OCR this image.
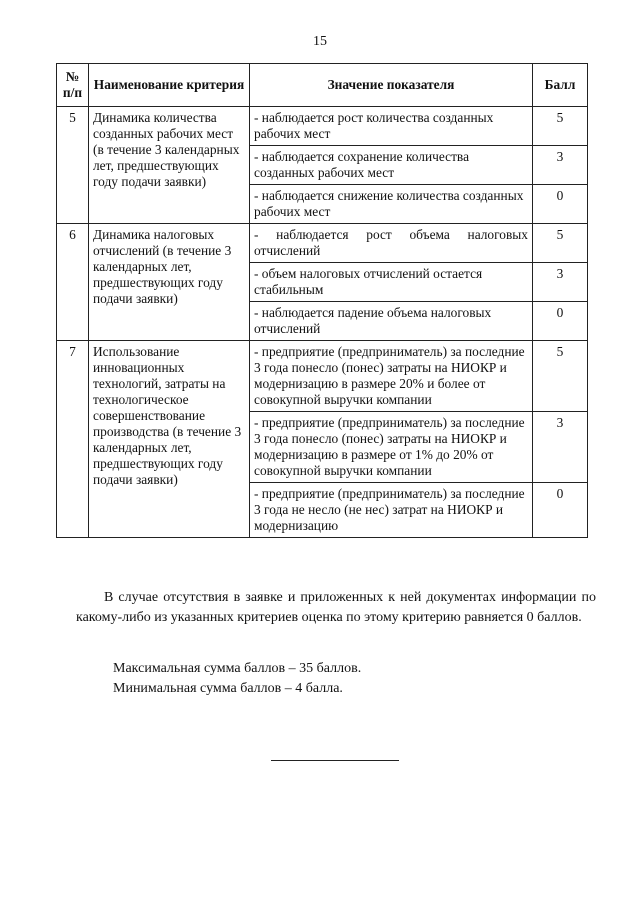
15
№ п/п	Наименование критерия	Значение показателя	Балл
5	Динамика количества созданных рабочих мест (в течение 3 календарных лет, предшествующих году подачи заявки)	- наблюдается рост количества созданных рабочих мест	5
		- наблюдается сохранение количества созданных рабочих мест	3
		- наблюдается снижение количества созданных рабочих мест	0
6	Динамика налоговых отчислений (в течение 3 календарных лет, предшествующих году подачи заявки)	- наблюдается рост объема налоговых отчислений	5
		- объем налоговых отчислений остается стабильным	3
		- наблюдается падение объема налоговых отчислений	0
7	Использование инновационных технологий, затраты на технологическое совершенствование производства (в течение 3 календарных лет, предшествующих году подачи заявки)	- предприятие (предприниматель) за последние 3 года понесло (понес) затраты на НИОКР и модернизацию в размере 20% и более от совокупной выручки компании	5
		- предприятие (предприниматель) за последние 3 года понесло (понес) затраты на НИОКР и модернизацию в размере от 1% до 20% от совокупной выручки компании	3
		- предприятие (предприниматель) за последние 3 года не несло (не нес) затрат на НИОКР и модернизацию	0
В случае отсутствия в заявке и приложенных к ней документах информации по какому-либо из указанных критериев оценка по этому критерию равняется 0 баллов.
Максимальная сумма баллов – 35 баллов.
Минимальная сумма баллов – 4 балла.
